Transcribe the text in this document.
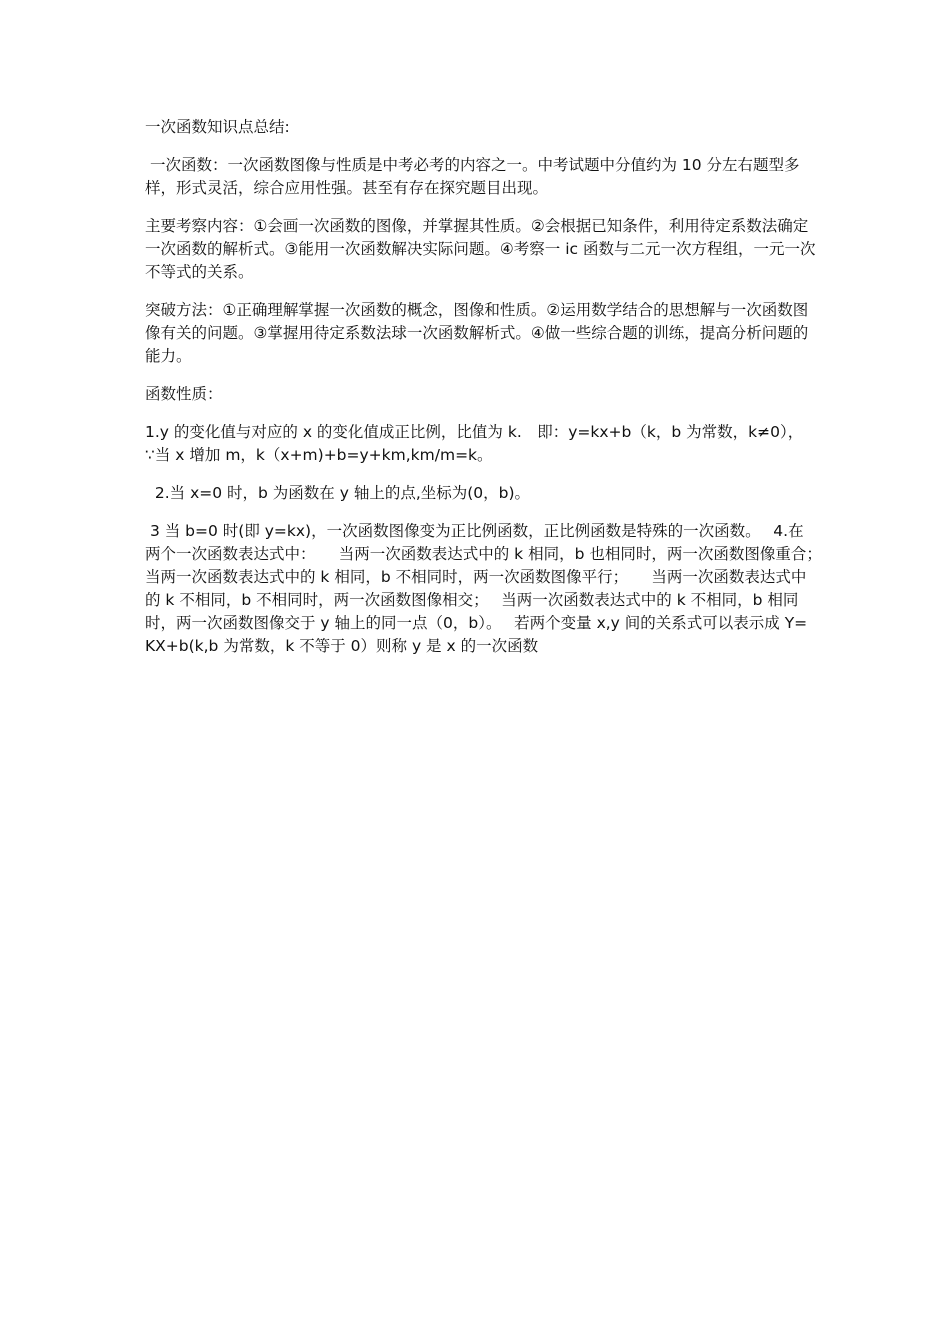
一次函数知识点总结:

一次函数：一次函数图像与性质是中考必考的内容之一。中考试题中分值约为 10 分左右题型多样，形式灵活，综合应用性强。甚至有存在探究题目出现。

主要考察内容：①会画一次函数的图像，并掌握其性质。②会根据已知条件，利用待定系数法确定一次函数的解析式。③能用一次函数解决实际问题。④考察一 ic 函数与二元一次方程组，一元一次不等式的关系。

突破方法：①正确理解掌握一次函数的概念，图像和性质。②运用数学结合的思想解与一次函数图像有关的问题。③掌握用待定系数法球一次函数解析式。④做一些综合题的训练，提高分析问题的能力。

函数性质：

1.y 的变化值与对应的 x 的变化值成正比例，比值为 k.　即：y=kx+b（k，b 为常数，k≠0），　∵当 x 增加 m，k（x+m)+b=y+km,km/m=k。

2.当 x=0 时，b 为函数在 y 轴上的点,坐标为(0，b)。

3 当 b=0 时(即 y=kx)，一次函数图像变为正比例函数，正比例函数是特殊的一次函数。　 4.在两个一次函数表达式中：　　当两一次函数表达式中的 k 相同，b 也相同时，两一次函数图像重合；　 当两一次函数表达式中的 k 相同，b 不相同时，两一次函数图像平行；　　当两一次函数表达式中的 k 不相同，b 不相同时，两一次函数图像相交；　 当两一次函数表达式中的 k 不相同，b 相同时，两一次函数图像交于 y 轴上的同一点（0，b）。　 若两个变量 x,y 间的关系式可以表示成 Y=KX+b(k,b 为常数，k 不等于 0）则称 y 是 x 的一次函数
